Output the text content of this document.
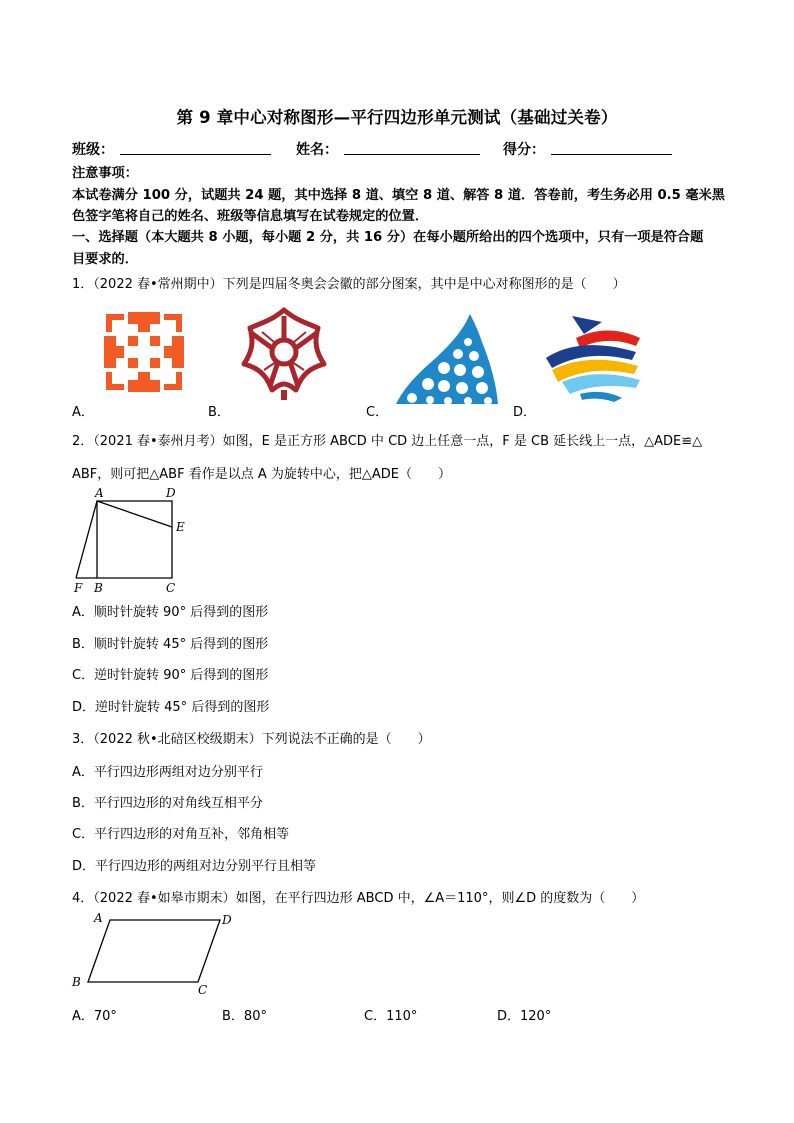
第 9 章中心对称图形—平行四边形单元测试（基础过关卷）
班级：	姓名：	得分：
注意事项：
本试卷满分 100 分，试题共 24 题，其中选择 8 道、填空 8 道、解答 8 道．答卷前，考生务必用 0.5 毫米黑
色签字笔将自己的姓名、班级等信息填写在试卷规定的位置．
一、选择题（本大题共 8 小题，每小题 2 分，共 16 分）在每小题所给出的四个选项中，只有一项是符合题
目要求的．
1．（2022 春•常州期中）下列是四届冬奥会会徽的部分图案，其中是中心对称图形的是（　　）
A．	B．	C．	D．
2．（2021 春•泰州月考）如图，E 是正方形 ABCD 中 CD 边上任意一点，F 是 CB 延长线上一点，△ADE≌△
ABF，则可把△ABF 看作是以点 A 为旋转中心，把△ADE（　　）
A	D
E
F B	C
A．顺时针旋转 90° 后得到的图形
B．顺时针旋转 45° 后得到的图形
C．逆时针旋转 90° 后得到的图形
D．逆时针旋转 45° 后得到的图形
3．（2022 秋•北碚区校级期末）下列说法不正确的是（　　）
A．平行四边形两组对边分别平行
B．平行四边形的对角线互相平分
C．平行四边形的对角互补，邻角相等
D．平行四边形的两组对边分别平行且相等
4．（2022 春•如皋市期末）如图，在平行四边形 ABCD 中，∠A＝110°，则∠D 的度数为（　　）
A	D
B
C
A．70°	B．80°	C．110°	D．120°
